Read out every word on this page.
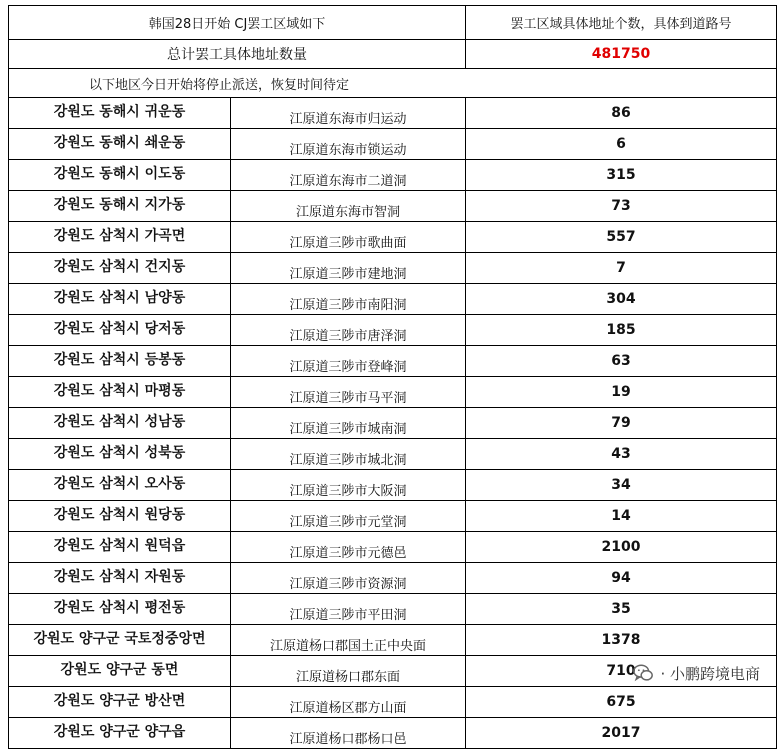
韩国28日开始 CJ罢工区域如下		罢工区域具体地址个数，具体到道路号
总计罢工具体地址数量		481750
以下地区今日开始将停止派送，恢复时间待定		
강원도 동해시 귀운동	江原道东海市归运动	86
강원도 동해시 쇄운동	江原道东海市锁运动	6
강원도 동해시 이도동	江原道东海市二道洞	315
강원도 동해시 지가동	江原道东海市智洞	73
강원도 삼척시 가곡면	江原道三陟市歌曲面	557
강원도 삼척시 건지동	江原道三陟市建地洞	7
강원도 삼척시 남양동	江原道三陟市南阳洞	304
강원도 삼척시 당저동	江原道三陟市唐泽洞	185
강원도 삼척시 등봉동	江原道三陟市登峰洞	63
강원도 삼척시 마평동	江原道三陟市马平洞	19
강원도 삼척시 성남동	江原道三陟市城南洞	79
강원도 삼척시 성북동	江原道三陟市城北洞	43
강원도 삼척시 오사동	江原道三陟市大阪洞	34
강원도 삼척시 원당동	江原道三陟市元堂洞	14
강원도 삼척시 원덕읍	江原道三陟市元德邑	2100
강원도 삼척시 자원동	江原道三陟市资源洞	94
강원도 삼척시 평전동	江原道三陟市平田洞	35
강원도 양구군 국토정중앙면	江原道杨口郡国土正中央面	1378
강원도 양구군 동면	江原道杨口郡东面	710
강원도 양구군 방산면	江原道杨区郡方山面	675
강원도 양구군 양구읍	江原道杨口郡杨口邑	2017
· 小鹏跨境电商
